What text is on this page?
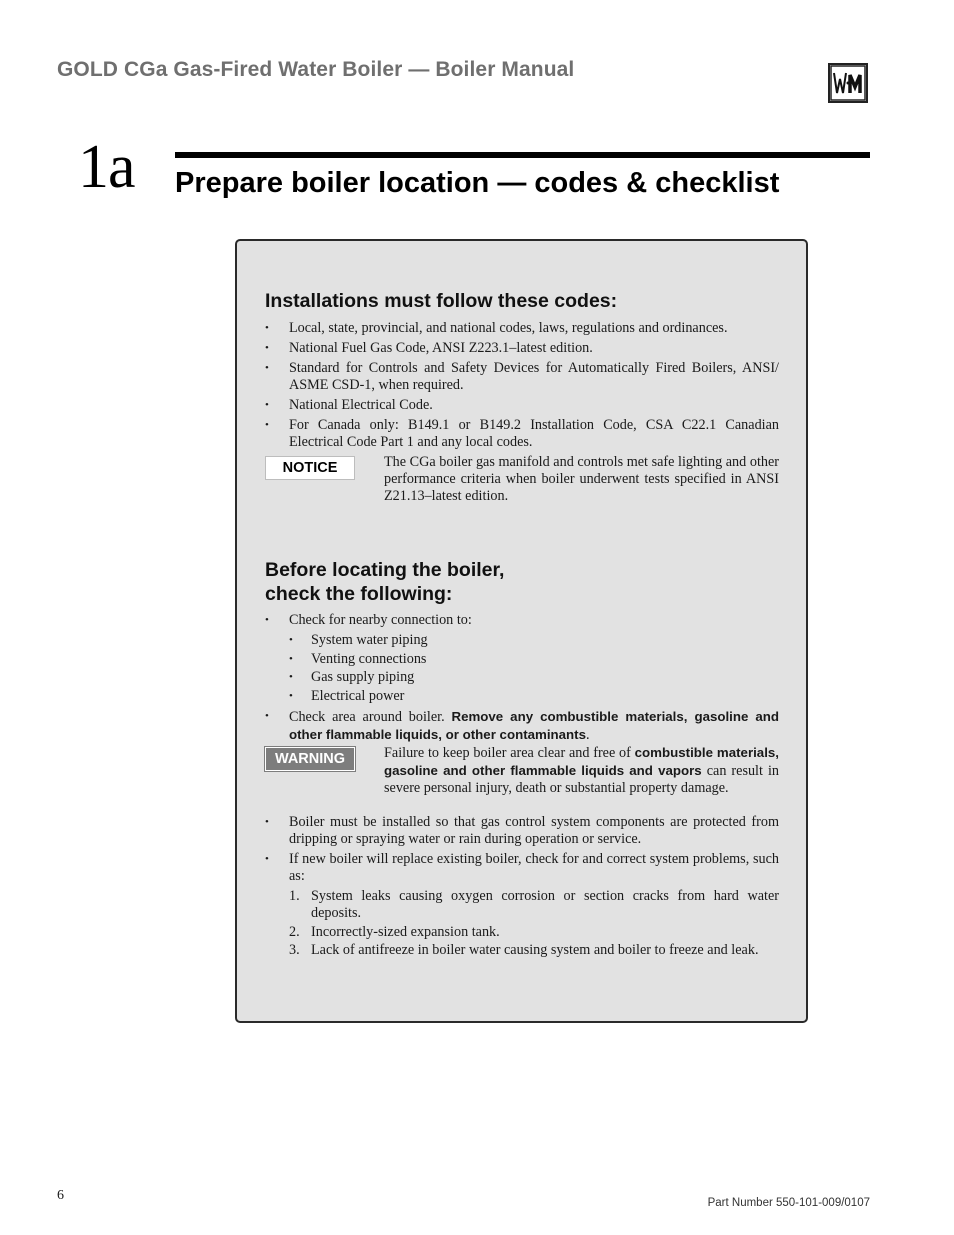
GOLD CGa Gas-Fired Water Boiler — Boiler Manual
1a Prepare boiler location — codes & checklist
Installations must follow these codes:
• Local, state, provincial, and national codes, laws, regulations and ordinances.
• National Fuel Gas Code, ANSI Z223.1–latest edition.
• Standard for Controls and Safety Devices for Automatically Fired Boilers, ANSI/ ASME CSD-1, when required.
• National Electrical Code.
• For Canada only: B149.1 or B149.2 Installation Code, CSA C22.1 Canadian Electrical Code Part 1 and any local codes.
NOTICE	The CGa boiler gas manifold and controls met safe lighting and other performance criteria when boiler underwent tests specified in ANSI Z21.13–latest edition.
Before locating the boiler,
check the following:
• Check for nearby connection to:
• System water piping
• Venting connections
• Gas supply piping
• Electrical power
• Check area around boiler. Remove any combustible materials, gasoline and other flammable liquids, or other contaminants.
WARNING	Failure to keep boiler area clear and free of combustible materials, gasoline and other flammable liquids and vapors can result in severe personal injury, death or substantial property damage.
• Boiler must be installed so that gas control system components are protected from dripping or spraying water or rain during operation or service.
• If new boiler will replace existing boiler, check for and correct system problems, such as:
1. System leaks causing oxygen corrosion or section cracks from hard water deposits.
2. Incorrectly-sized expansion tank.
3. Lack of antifreeze in boiler water causing system and boiler to freeze and leak.
6	Part Number 550-101-009/0107
